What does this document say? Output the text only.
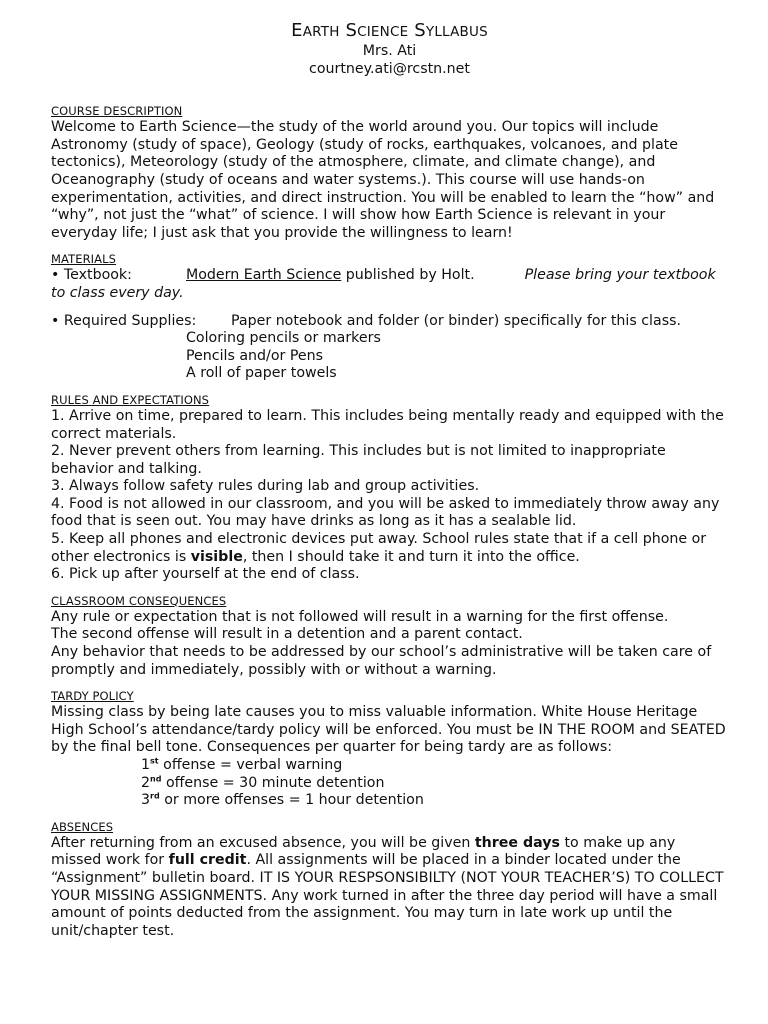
EARTH SCIENCE SYLLABUS
Mrs. Ati
courtney.ati@rcstn.net
COURSE DESCRIPTION

Welcome to Earth Science—the study of the world around you. Our topics will include Astronomy (study of space), Geology (study of rocks, earthquakes, volcanoes, and plate tectonics), Meteorology (study of the atmosphere, climate, and climate change), and Oceanography (study of oceans and water systems.). This course will use hands-on experimentation, activities, and direct instruction. You will be enabled to learn the “how” and “why”, not just the “what” of science. I will show how Earth Science is relevant in your everyday life; I just ask that you provide the willingness to learn!

MATERIALS

• Textbook:	Modern Earth Science published by Holt.	Please bring your textbook to class every day.

• Required Supplies: Paper notebook and folder (or binder) specifically for this class.

Coloring pencils or markers

Pencils and/or Pens

A roll of paper towels

RULES AND EXPECTATIONS

1. Arrive on time, prepared to learn. This includes being mentally ready and equipped with the correct materials.

2. Never prevent others from learning. This includes but is not limited to inappropriate behavior and talking.

3. Always follow safety rules during lab and group activities.

4. Food is not allowed in our classroom, and you will be asked to immediately throw away any food that is seen out. You may have drinks as long as it has a sealable lid.

5. Keep all phones and electronic devices put away. School rules state that if a cell phone or other electronics is visible, then I should take it and turn it into the office.

6. Pick up after yourself at the end of class.

CLASSROOM CONSEQUENCES

Any rule or expectation that is not followed will result in a warning for the first offense.

The second offense will result in a detention and a parent contact.

Any behavior that needs to be addressed by our school’s administrative will be taken care of promptly and immediately, possibly with or without a warning.

TARDY POLICY

Missing class by being late causes you to miss valuable information. White House Heritage High School’s attendance/tardy policy will be enforced. You must be IN THE ROOM and SEATED by the final bell tone. Consequences per quarter for being tardy are as follows:

1st offense = verbal warning

2nd offense = 30 minute detention

3rd or more offenses = 1 hour detention

ABSENCES

After returning from an excused absence, you will be given three days to make up any missed work for full credit. All assignments will be placed in a binder located under the “Assignment” bulletin board. IT IS YOUR RESPSONSIBILTY (NOT YOUR TEACHER’S) TO COLLECT YOUR MISSING ASSIGNMENTS. Any work turned in after the three day period will have a small amount of points deducted from the assignment. You may turn in late work up until the unit/chapter test.
